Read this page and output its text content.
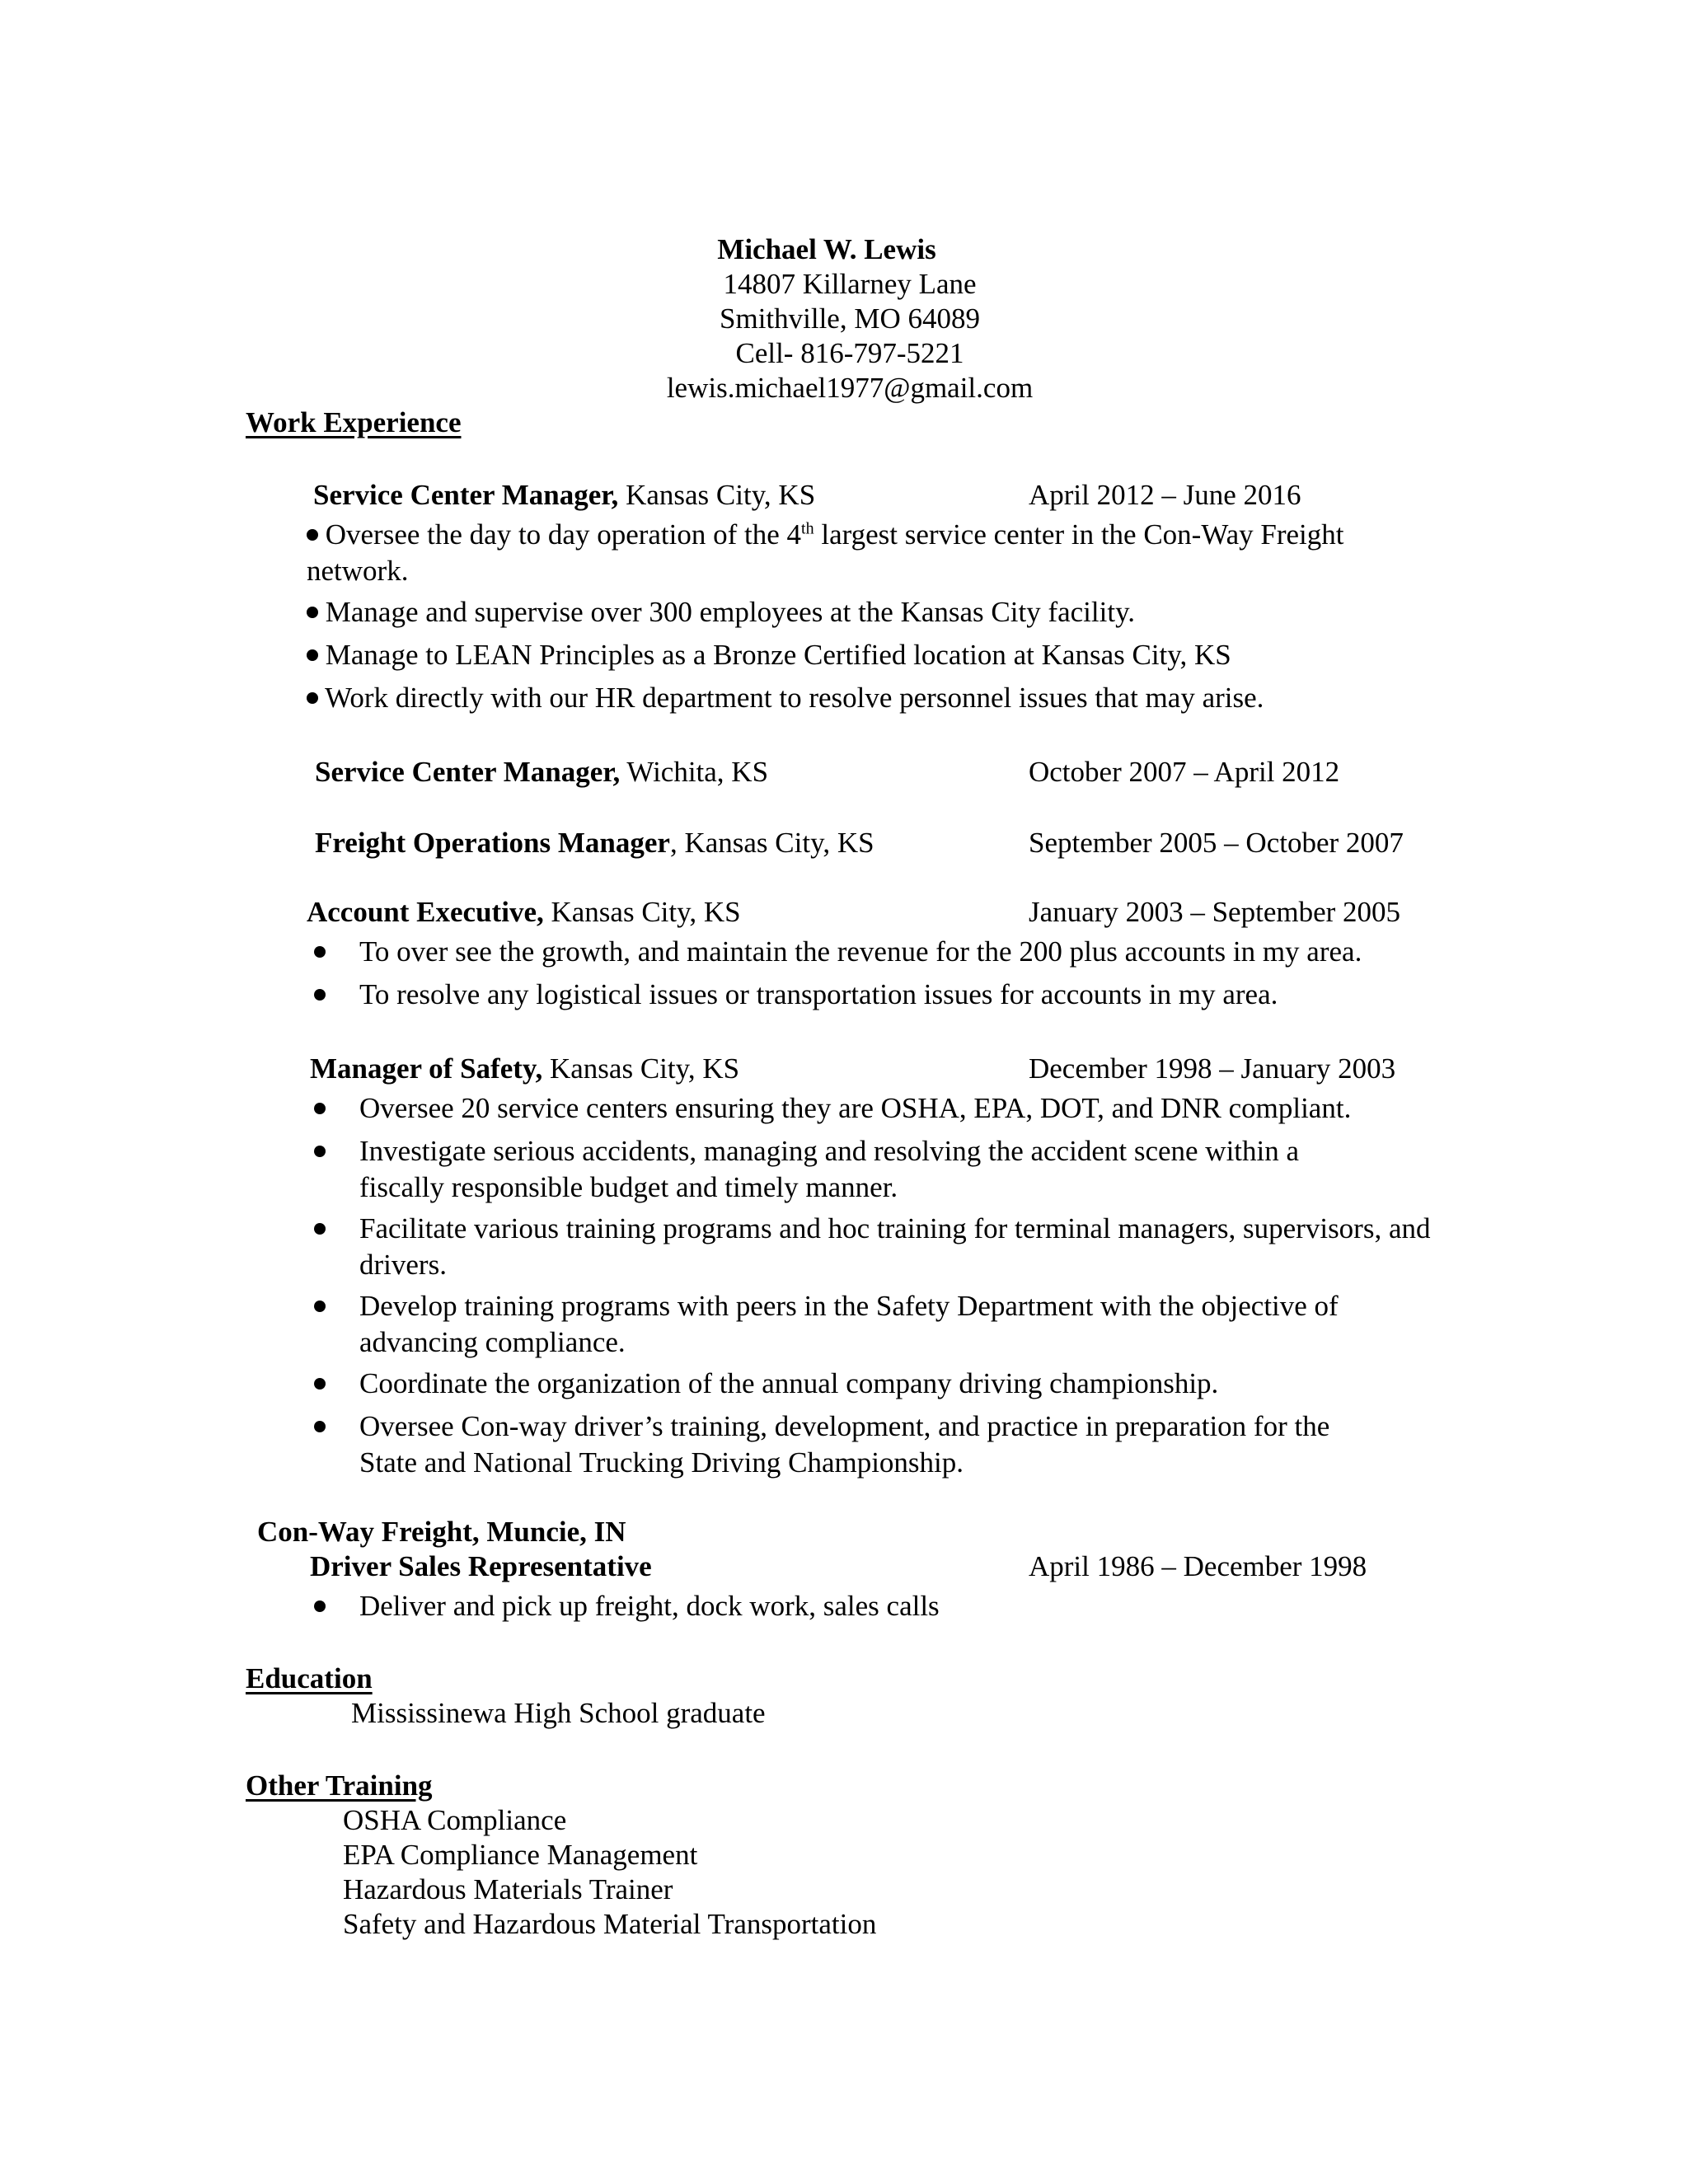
Michael W. Lewis
14807 Killarney Lane
Smithville, MO 64089
Cell- 816-797-5221
lewis.michael1977@gmail.com
Work Experience
Service Center Manager, Kansas City, KS	April 2012 – June 2016
Oversee the day to day operation of the 4th largest service center in the Con-Way Freight
network.
Manage and supervise over 300 employees at the Kansas City facility.
Manage to LEAN Principles as a Bronze Certified location at Kansas City, KS
Work directly with our HR department to resolve personnel issues that may arise.
Service Center Manager, Wichita, KS	October 2007 – April 2012
Freight Operations Manager, Kansas City, KS	September 2005 – October 2007
Account Executive, Kansas City, KS	January 2003 – September 2005
To over see the growth, and maintain the revenue for the 200 plus accounts in my area.
To resolve any logistical issues or transportation issues for accounts in my area.
Manager of Safety, Kansas City, KS	December 1998 – January 2003
Oversee 20 service centers ensuring they are OSHA, EPA, DOT, and DNR compliant.
Investigate serious accidents, managing and resolving the accident scene within a
fiscally responsible budget and timely manner.
Facilitate various training programs and hoc training for terminal managers, supervisors, and
drivers.
Develop training programs with peers in the Safety Department with the objective of
advancing compliance.
Coordinate the organization of the annual company driving championship.
Oversee Con-way driver’s training, development, and practice in preparation for the
State and National Trucking Driving Championship.
Con-Way Freight, Muncie, IN
Driver Sales Representative	April 1986 – December 1998
Deliver and pick up freight, dock work, sales calls
Education
Mississinewa High School graduate
Other Training
OSHA Compliance
EPA Compliance Management
Hazardous Materials Trainer
Safety and Hazardous Material Transportation
